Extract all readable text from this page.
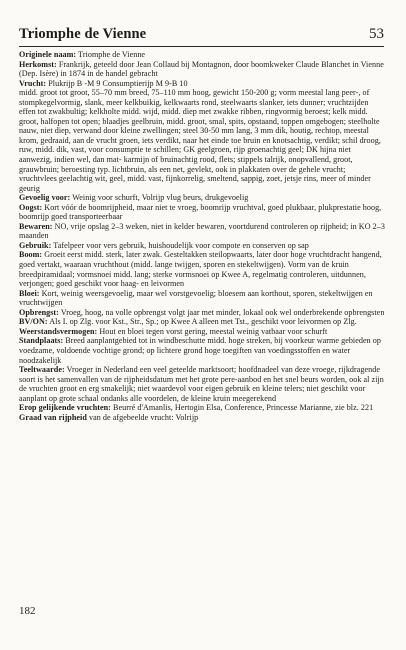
Triomphe de Vienne	53

Originele naam: Triomphe de Vienne

Herkomst: Frankrijk, geteeld door Jean Collaud bij Montagnon, door boomkweker Claude Blanchet in Vienne (Dep. Isère) in 1874 in de handel gebracht

Vrucht: Plukrijp B -M 9 Consumptierijp M 9-B 10

midd. groot tot groot, 55–70 mm breed, 75–110 mm hoog, gewicht 150-200 g; vorm meestal lang peer-, of stompkegelvormig, slank, meer kelkbuikig, kelkwaarts rond, steelwaarts slanker, iets dunner; vruchtzijden effen tot zwakbultig; kelkholte midd. wijd, midd. diep met zwakke ribben, ringvormig beroest; kelk midd. groot, halfopen tot open; blaadjes geelbruin, midd. groot, smal, spits, opstaand, toppen omgebogen; steelholte nauw, niet diep, verwand door kleine zwellingen; steel 30-50 mm lang, 3 mm dik, houtig, rechtop, meestal krom, gedraaid, aan de vrucht groen, iets verdikt, naar het einde toe bruin en knotsachtig, verdikt; schil droog, ruw, midd. dik, vast, voor consumptie te schillen; GK geelgroen, rijp groenachtig geel; DK hijna niet aanwezig, indien wel, dan mat- karmijn of bruinachtig rood, flets; stippels talrijk, onopvallend, groot, grauwbruin; beroesting typ. lichtbruin, als een net, gevlekt, ook in plakkaten over de gehele vrucht; vruchtvlees geelachtig wit, geel, midd. vast, fijnkorrelig, smeltend, sappig, zoet, jetsje rins, meer of minder geurig

Gevoelig voor: Weinig voor schurft, Volrijp vlug beurs, drukgevoelig

Oogst: Kort vóór de boomrijpheid, maar niet te vroeg, boomrijp vruchtval, goed plukbaar, plukprestatie hoog, boomrijp goed transporteerbaar

Bewaren: NO, vrije opslag 2–3 weken, niet in kelder bewaren, voortdurend controleren op rijpheid; in KO 2–3 maanden

Gebruik: Tafelpeer voor vers gebruik, huishoudelijk voor compote en conserven op sap

Boom: Groeit eerst midd. sterk, later zwak. Gesteltakken steilopwaarts, later door hoge vruchtdracht hangend, goed vertakt, waaraan vruchthout (midd. lange twijgen, sporen en stekeltwijgen). Vorm van de kruin breedpiramidaal; vormsnoei midd. lang; sterke vormsnoei op Kwee A, regelmatig controleren, uitdunnen, verjongen; goed geschikt voor haag- en leivormen

Bloei: Kort, weinig weersgevoelig, maar wel vorstgevoelig; bloesem aan korthout, sporen, stekeltwijgen en vruchtwijgen

Opbrengst: Vroeg, hoog, na volle opbrengst volgt jaar met minder, lokaal ook wel onderbrekende opbrengsten

BV/ON: Als I. op Zlg. voor Kst., Str., Sp.; op Kwee A alleen met Tst., geschikt voor leivormen op Zlg.

Weerstandsvermogen: Hout en bloei tegen vorst gering, meestal weinig vatbaar voor schurft

Standplaats: Breed aanplantgebied tot in windbeschutte midd. hoge streken, bij voorkeur warme gebieden op voedzame, voldoende vochtige grond; op lichtere grond hoge toegiften van voedingsstoffen en water noodzakelijk

Teeltwaarde: Vroeger in Nederland een veel geteelde marktsoort; hoofdnadeel van deze vroege, rijkdragende soort is het samenvallen van de rijpheidsdatum met het grote pere-aanbod en het snel beurs worden, ook al zijn de vruchten groot en erg smakelijk; niet waardevol voor eigen gebruik en kleine telers; niet geschikt voor aanplant op grote schaal ondanks alle voordelen, de kleine kruin meegerekend

Erop gelijkende vruchten: Beurré d'Amanlis, Hertogin Elsa, Conference, Princesse Marianne, zie blz. 221

Graad van rijpheid van de afgebeelde vrucht: Volrijp

182
